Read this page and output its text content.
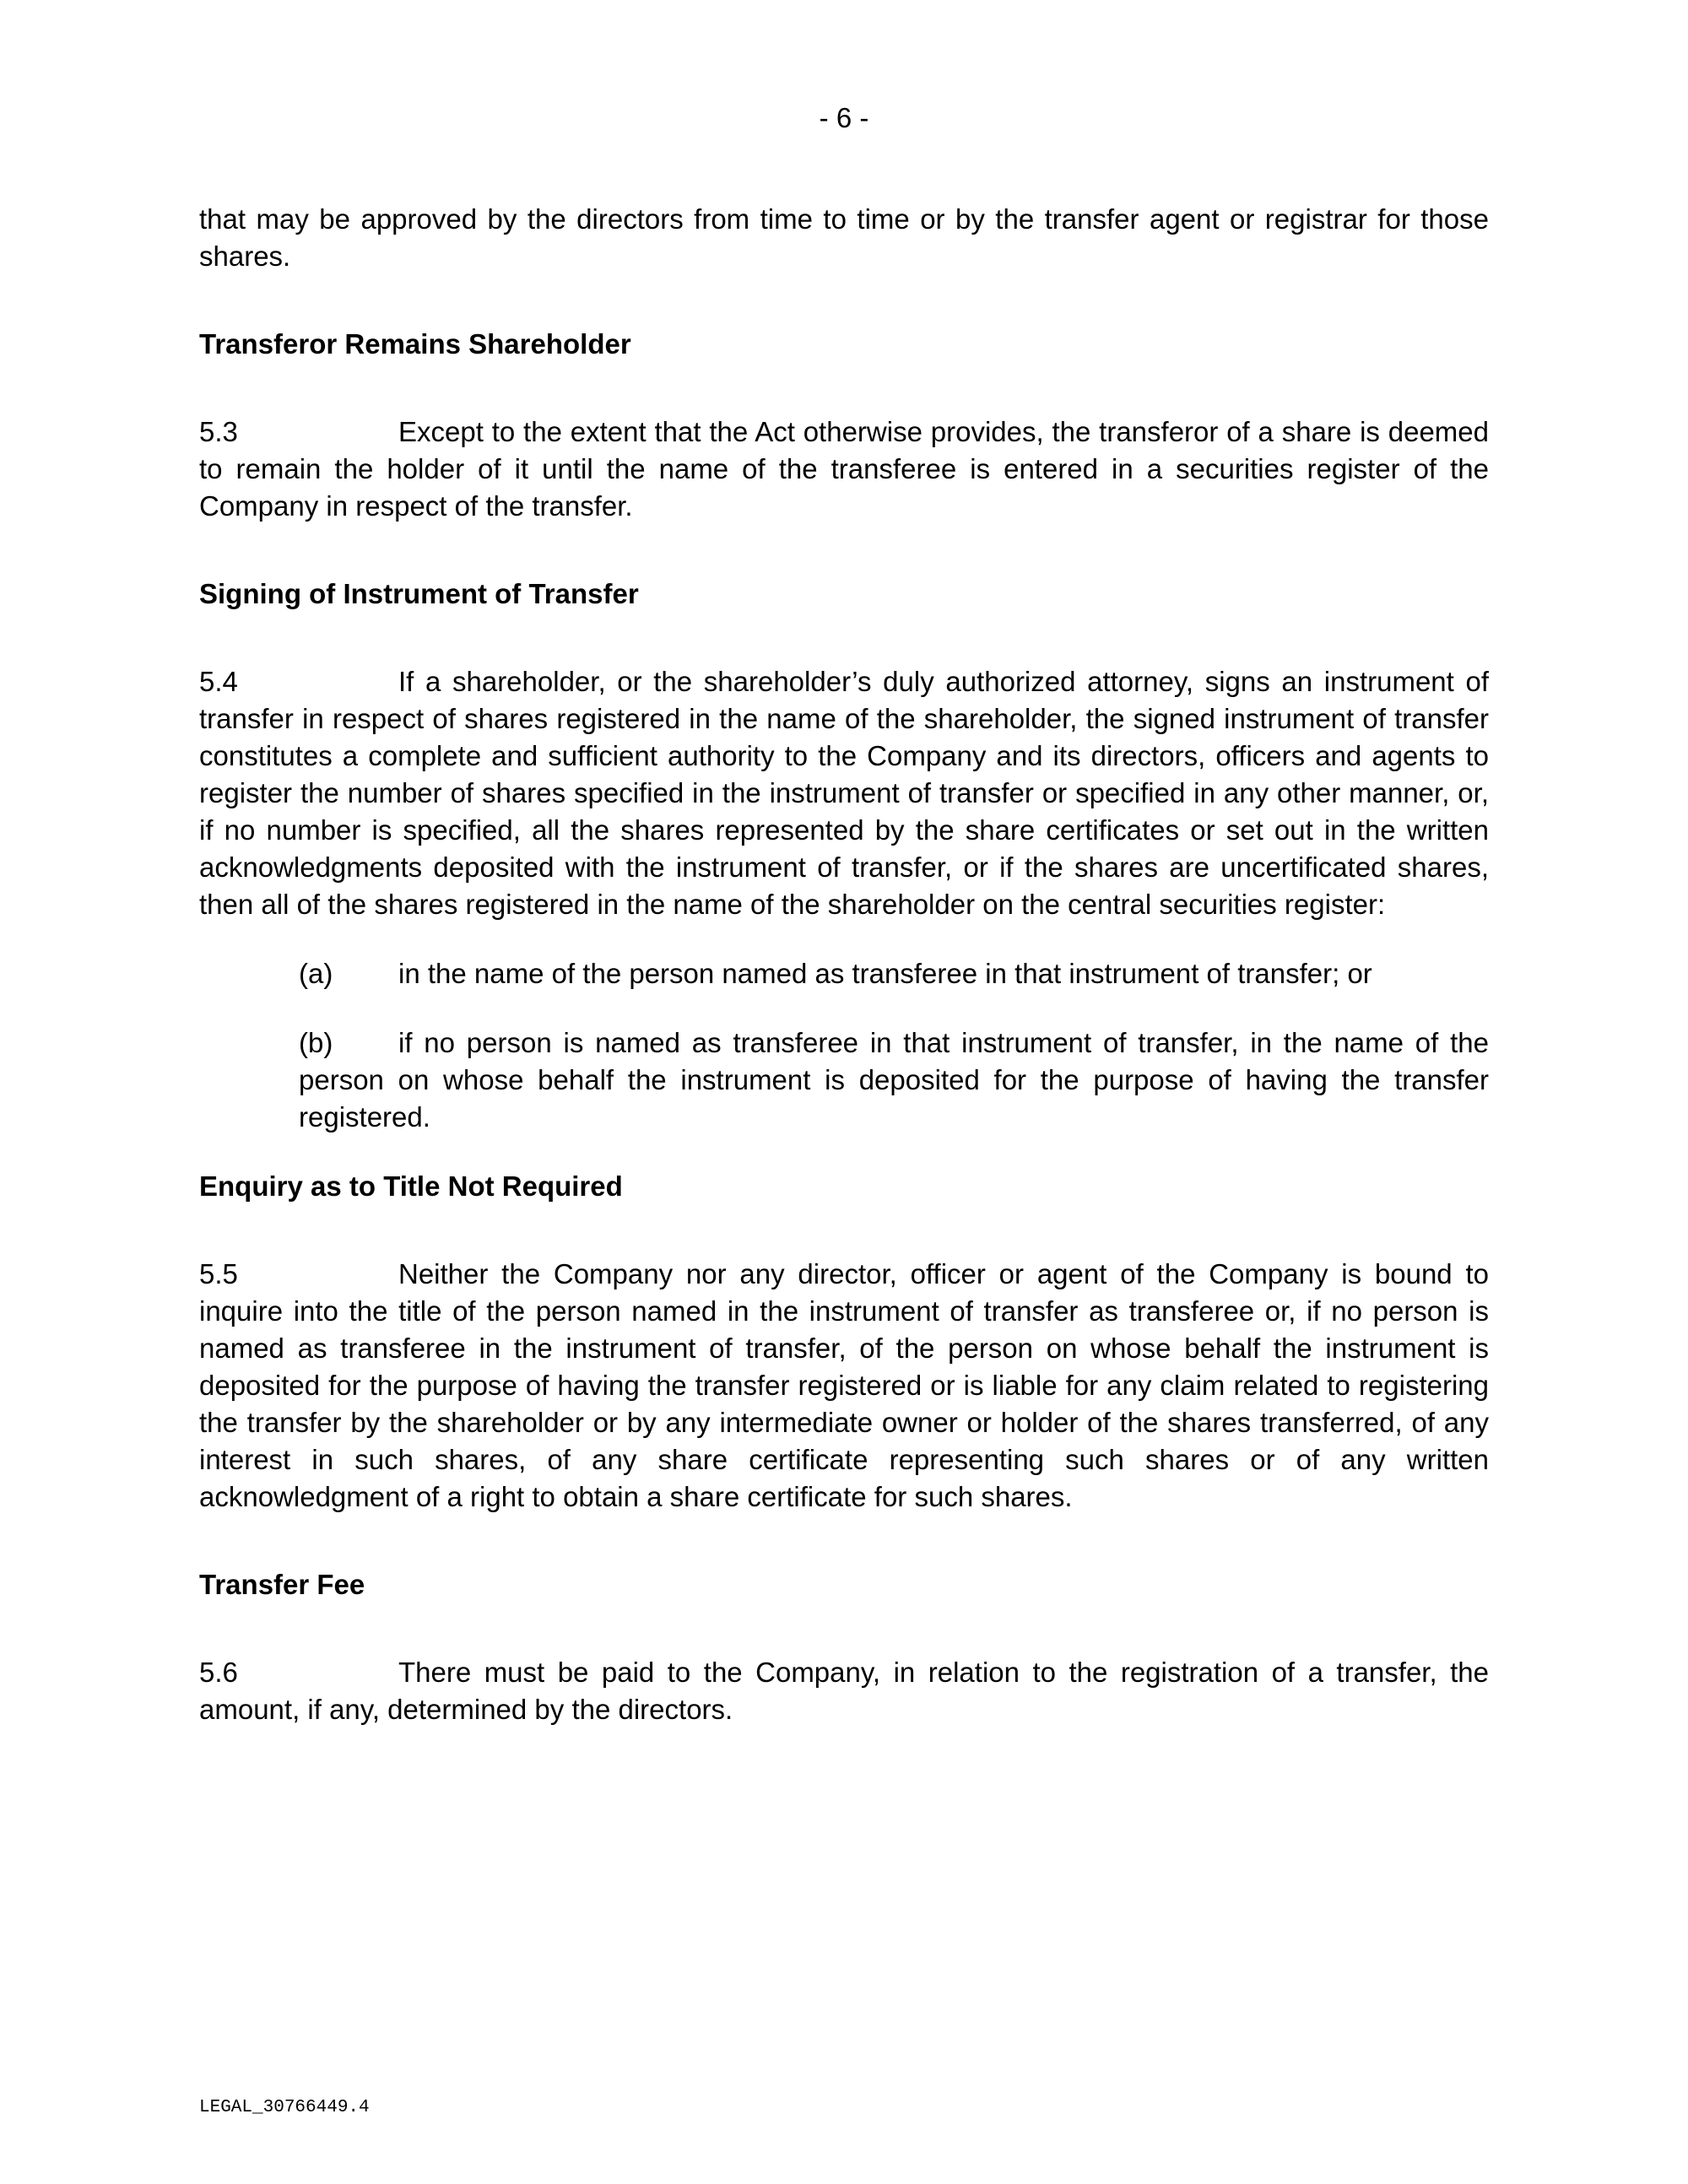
- 6 -

that may be approved by the directors from time to time or by the transfer agent or registrar for those shares.

Transferor Remains Shareholder

5.3	Except to the extent that the Act otherwise provides, the transferor of a share is deemed to remain the holder of it until the name of the transferee is entered in a securities register of the Company in respect of the transfer.

Signing of Instrument of Transfer

5.4	If a shareholder, or the shareholder’s duly authorized attorney, signs an instrument of transfer in respect of shares registered in the name of the shareholder, the signed instrument of transfer constitutes a complete and sufficient authority to the Company and its directors, officers and agents to register the number of shares specified in the instrument of transfer or specified in any other manner, or, if no number is specified, all the shares represented by the share certificates or set out in the written acknowledgments deposited with the instrument of transfer, or if the shares are uncertificated shares, then all of the shares registered in the name of the shareholder on the central securities register:

(a) in the name of the person named as transferee in that instrument of transfer; or

(b) if no person is named as transferee in that instrument of transfer, in the name of the person on whose behalf the instrument is deposited for the purpose of having the transfer registered.

Enquiry as to Title Not Required

5.5	Neither the Company nor any director, officer or agent of the Company is bound to inquire into the title of the person named in the instrument of transfer as transferee or, if no person is named as transferee in the instrument of transfer, of the person on whose behalf the instrument is deposited for the purpose of having the transfer registered or is liable for any claim related to registering the transfer by the shareholder or by any intermediate owner or holder of the shares transferred, of any interest in such shares, of any share certificate representing such shares or of any written acknowledgment of a right to obtain a share certificate for such shares.

Transfer Fee

5.6	There must be paid to the Company, in relation to the registration of a transfer, the amount, if any, determined by the directors.

LEGAL_30766449.4
